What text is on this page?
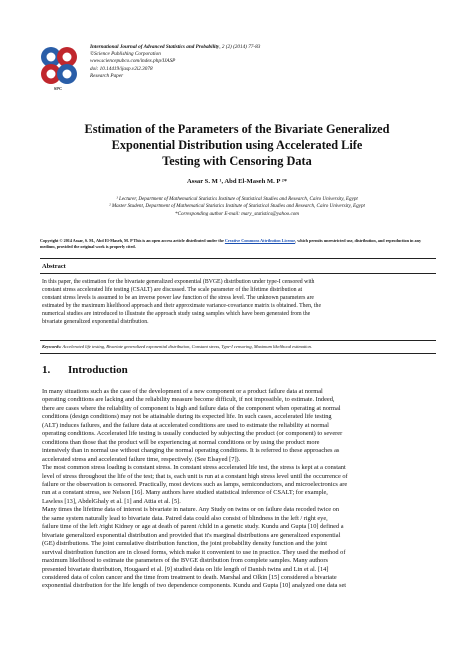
SPC
International Journal of Advanced Statistics and Probability, 2 (2) (2014) 77-83
©Science Publishing Corporation
www.sciencepubco.com/index.php/IJASP
doi: 10.14419/ijasp.v2i2.3078
Research Paper
Estimation of the Parameters of the Bivariate Generalized
Exponential Distribution using Accelerated Life
Testing with Censoring Data
Assar S. M ¹, Abd El-Maseh M. P ²*
¹ Lecturer, Department of Mathematical Statistics Institute of Statistical Studies and Research, Cairo University, Egypt
² Master Student, Department of Mathematical Statistics Institute of Statistical Studies and Research, Cairo University, Egypt
*Corresponding author E-mail: mary_statistics@yahoo.com
Copyright © 2014 Assar, S. M., Abd El-Maseh, M. P This is an open access article distributed under the Creative Commons Attribution License, which permits unrestricted use, distribution, and reproduction in any medium, provided the original work is properly cited.
Abstract
In this paper, the estimation for the bivariate generalized exponential (BVGE) distribution under type-I censored with
constant stress accelerated life testing (CSALT) are discussed. The scale parameter of the lifetime distribution at
constant stress levels is assumed to be an inverse power law function of the stress level. The unknown parameters are
estimated by the maximum likelihood approach and their approximate variance-covariance matrix is obtained. Then, the
numerical studies are introduced to illustrate the approach study using samples which have been generated from the
bivariate generalized exponential distribution.
Keywords: Accelerated life testing, Bivariate generalized exponential distribution, Constant stress, Type-I censoring, Maximum likelihood estimation.
1. Introduction
In many situations such as the case of the development of a new component or a product failure data at normal
operating conditions are lacking and the reliability measure become difficult, if not impossible, to estimate. Indeed,
there are cases where the reliability of component is high and failure data of the component when operating at normal
conditions (design conditions) may not be attainable during its expected life. In such cases, accelerated life testing
(ALT) induces failures, and the failure data at accelerated conditions are used to estimate the reliability at normal
operating conditions. Accelerated life testing is usually conducted by subjecting the product (or component) to severer
conditions than those that the product will be experiencing at normal conditions or by using the product more
intensively than in normal use without changing the normal operating conditions. It is referred to these approaches as
accelerated stress and accelerated failure time, respectively. (See Elsayed [7]).
The most common stress loading is constant stress. In constant stress accelerated life test, the stress is kept at a constant
level of stress throughout the life of the test; that is, each unit is run at a constant high stress level until the occurrence of
failure or the observation is censored. Practically, most devices such as lamps, semiconductors, and microelectronics are
run at a constant stress, see Nelson [16]. Many authors have studied statistical inference of CSALT; for example,
Lawless [13], AbdelGhaly et al. [1] and Attia et al. [5].
Many times the lifetime data of interest is bivariate in nature. Any Study on twins or on failure data recoded twice on
the same system naturally lead to bivariate data. Paired data could also consist of blindness in the left / right eye,
failure time of the left /right Kidney or age at death of parent /child in a genetic study. Kundu and Gupta [10] defined a
bivariate generalized exponential distribution and provided that it's marginal distributions are generalized exponential
(GE) distributions. The joint cumulative distribution function, the joint probability density function and the joint
survival distribution function are in closed forms, which make it convenient to use in practice. They used the method of
maximum likelihood to estimate the parameters of the BVGE distribution from complete samples. Many authors
presented bivariate distribution, Hougaard et al. [9] studied data on life length of Danish twins and Lin et al. [14]
considered data of colon cancer and the time from treatment to death. Marshal and Olkin [15] considered a bivariate
exponential distribution for the life length of two dependence components. Kundu and Gupta [10] analyzed one data set
